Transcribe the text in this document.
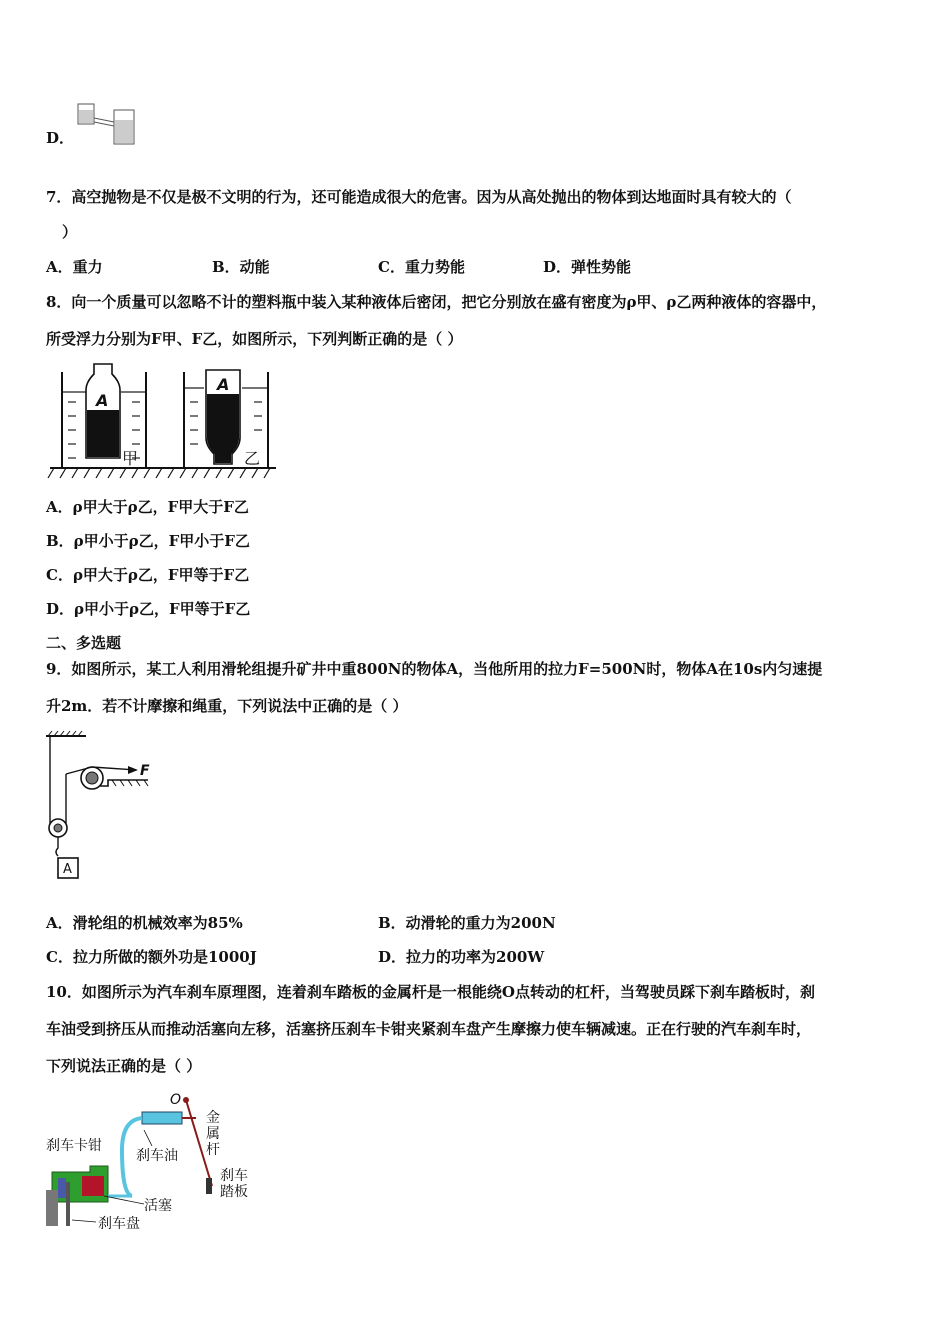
D．
7．高空抛物是不仅是极不文明的行为，还可能造成很大的危害。因为从高处抛出的物体到达地面时具有较大的（
）
A．重力	B．动能	C．重力势能	D．弹性势能
8．向一个质量可以忽略不计的塑料瓶中装入某种液体后密闭，把它分别放在盛有密度为ρ甲、ρ乙两种液体的容器中，
所受浮力分别为F甲、F乙，如图所示，下列判断正确的是（ ）
A
甲
A
乙
A．ρ甲大于ρ乙，F甲大于F乙
B．ρ甲小于ρ乙，F甲小于F乙
C．ρ甲大于ρ乙，F甲等于F乙
D．ρ甲小于ρ乙，F甲等于F乙
二、多选题
9．如图所示，某工人利用滑轮组提升矿井中重800N的物体A，当他所用的拉力F=500N时，物体A在10s内匀速提
升2m．若不计摩擦和绳重，下列说法中正确的是（ ）
F
A
A．滑轮组的机械效率为85%	B．动滑轮的重力为200N
C．拉力所做的额外功是1000J	D．拉力的功率为200W
10．如图所示为汽车刹车原理图，连着刹车踏板的金属杆是一根能绕O点转动的杠杆，当驾驶员踩下刹车踏板时，刹
车油受到挤压从而推动活塞向左移，活塞挤压刹车卡钳夹紧刹车盘产生摩擦力使车辆减速。正在行驶的汽车刹车时，
下列说法正确的是（ ）
O
金
属
杆
刹车
踏板
刹车油
刹车卡钳
活塞
刹车盘
